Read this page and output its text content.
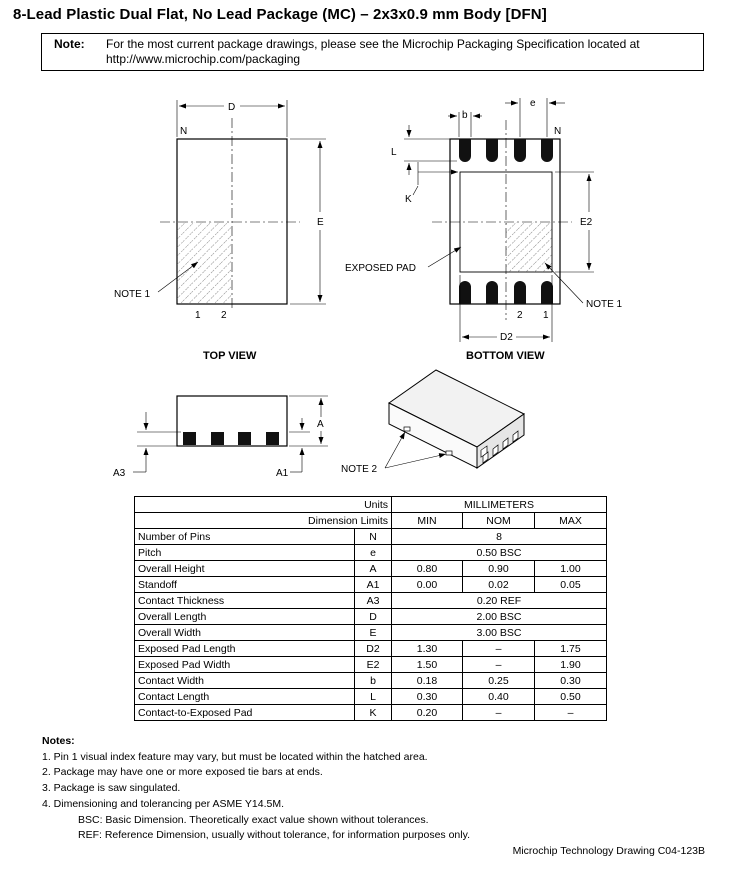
8-Lead Plastic Dual Flat, No Lead Package (MC) – 2x3x0.9 mm Body [DFN]
Note: For the most current package drawings, please see the Microchip Packaging Specification located at http://www.microchip.com/packaging
D
E
N
1 2
NOTE 1
TOP VIEW
b
e
N
L
K
E2
D2
EXPOSED PAD
NOTE 1
2 1
BOTTOM VIEW
A
A1
A3	NOTE 2
Units		MILLIMETERS		
Dimension Limits		MIN	NOM	MAX
Number of Pins	N	8		
Pitch	e	0.50 BSC		
Overall Height	A	0.80	0.90	1.00
Standoff	A1	0.00	0.02	0.05
Contact Thickness	A3	0.20 REF		
Overall Length	D	2.00 BSC		
Overall Width	E	3.00 BSC		
Exposed Pad Length	D2	1.30	–	1.75
Exposed Pad Width	E2	1.50	–	1.90
Contact Width	b	0.18	0.25	0.30
Contact Length	L	0.30	0.40	0.50
Contact-to-Exposed Pad	K	0.20	–	–
Notes:
1. Pin 1 visual index feature may vary, but must be located within the hatched area.
2. Package may have one or more exposed tie bars at ends.
3. Package is saw singulated.
4. Dimensioning and tolerancing per ASME Y14.5M.
BSC: Basic Dimension. Theoretically exact value shown without tolerances.
REF: Reference Dimension, usually without tolerance, for information purposes only.
Microchip Technology Drawing C04-123B
